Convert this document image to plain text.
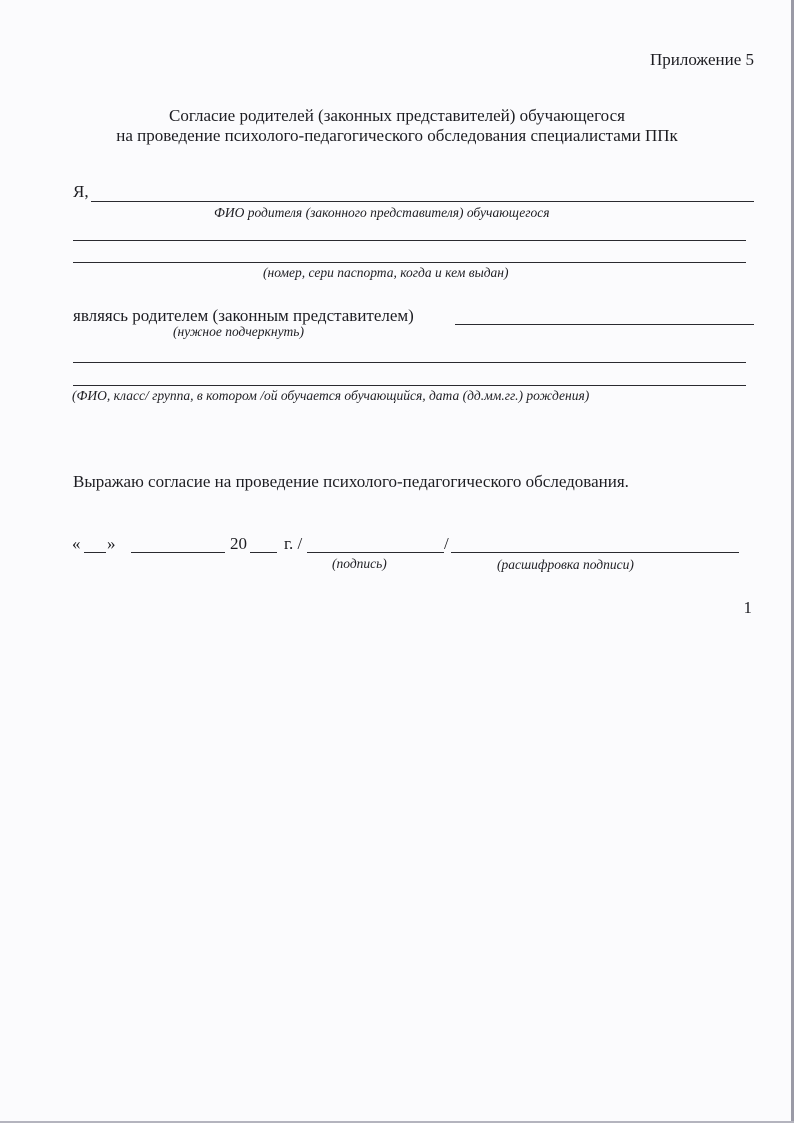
Приложение 5
Согласие родителей (законных представителей) обучающегося
на проведение психолого-педагогического обследования специалистами ППк
Я,
ФИО родителя (законного представителя) обучающегося
(номер, сери паспорта, когда и кем выдан)
являясь родителем (законным представителем)
(нужное подчеркнуть)
(ФИО, класс/ группа, в котором /ой обучается обучающийся, дата (дд.мм.гг.) рождения)
Выражаю согласие на проведение психолого-педагогического обследования.
« »	20 г. /	/
(подпись)	(расшифровка подписи)
1
